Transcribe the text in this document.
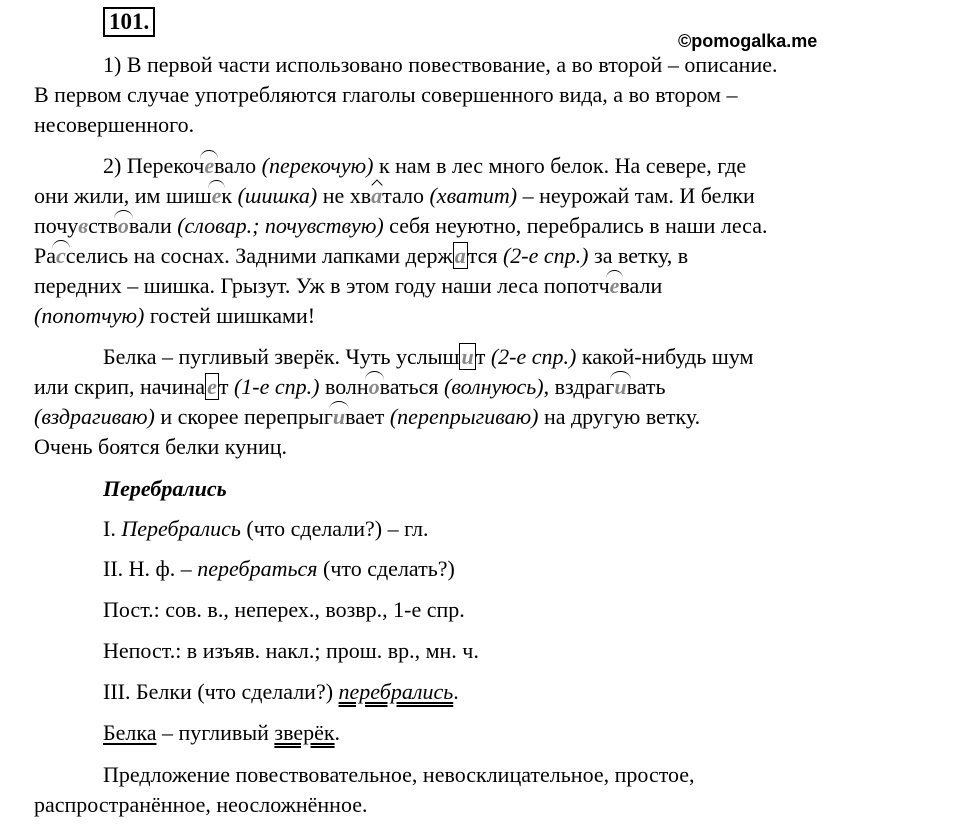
101.
©pomogalka.me
1) В первой части использовано повествование, а во второй – описание.
В первом случае употребляются глаголы совершенного вида, а во втором –
несовершенного.
2) Перекочевало (перекочую) к нам в лес много белок. На севере, где
они жили, им шишек (шишка) не хватало (хватит) – неурожай там. И белки
почувствовали (словар.; почувствую) себя неуютно, перебрались в наши леса.
Расселись на соснах. Задними лапками держатся (2-е спр.) за ветку, в
передних – шишка. Грызут. Уж в этом году наши леса попотчевали
(попотчую) гостей шишками!
Белка – пугливый зверёк. Чуть услышит (2-е спр.) какой-нибудь шум
или скрип, начинает (1-е спр.) волноваться (волнуюсь), вздрагивать
(вздрагиваю) и скорее перепрыгивает (перепрыгиваю) на другую ветку.
Очень боятся белки куниц.
Перебрались
I. Перебрались (что сделали?) – гл.
II. Н. ф. – перебраться (что сделать?)
Пост.: сов. в., неперех., возвр., 1-е спр.
Непост.: в изъяв. накл.; прош. вр., мн. ч.
III. Белки (что сделали?) перебрались.
Белка – пугливый зверёк.
Предложение повествовательное, невосклицательное, простое,
распространённое, неосложнённое.
